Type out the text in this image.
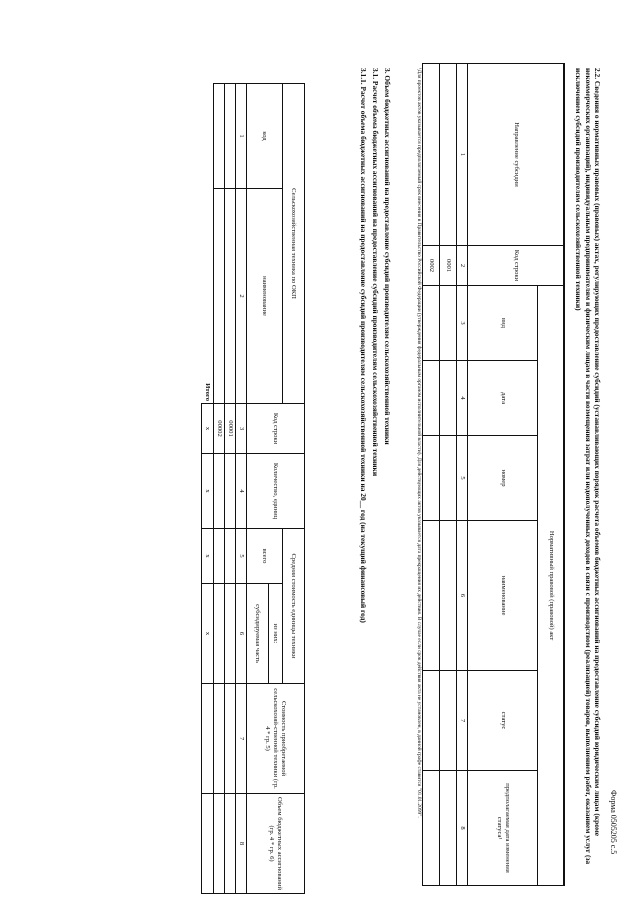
Форма 0505205 с.5
2.2. Сведения о нормативных правовых (правовых) актах, регулирующих предоставление субсидий (устанавливающих порядок расчета объемов бюджетных ассигнований на предоставление субсидий юридическим лицам (кроме некоммерческих организаций), индивидуальным предпринимателям и физическим лицам в части возмещения затрат или недополученных доходов в связи с производством (реализацией) товаров, выполнением работ, оказанием услуг (за исключением субсидий производителям сельскохозяйственной техники)
Направление субсидии	Код строки	Нормативный правовой (правовой) акт					
		вид	дата	номер	наименование	статус	предполагаемая дата изменения статуса¹
1	2	3	4	5	6	7	8
	0001						
	0002						
¹Для проектов актов указывается предполагаемый срок внесения в Правительство Российской Федерации (утверждения федеральным органом исполнительной власти). Для действующих актов указывается дата прекращения их действия. В случае если срок действия акта не установлен, в данной графе ставится "01.01.2099".
3. Объем бюджетных ассигнований на предоставление субсидий производителям сельскохозяйственной техники
3.1. Расчет объема бюджетных ассигнований на предоставление субсидий производителям сельскохозяйственной техники
3.1.1. Расчет объема бюджетных ассигнований на предоставление субсидий производителям сельскохозяйственной техники на 20__ год (на текущий финансовый год)
Сельскохозяйственная техника по ОКП		Код строки	Количество, единиц	Средняя стоимость единицы техники		Стоимость приобретаемой сельскохозяй-ственной техники (гр. 4 * гр. 5)	Объем бюджетных ассигнований (гр. 4 * гр. 6)
код	наименование			всего	из них:		
					субсидируемая часть		
1	2	3	4	5	6	7	8
		00001					
		00002					
	Итого	x	x	x	x		
